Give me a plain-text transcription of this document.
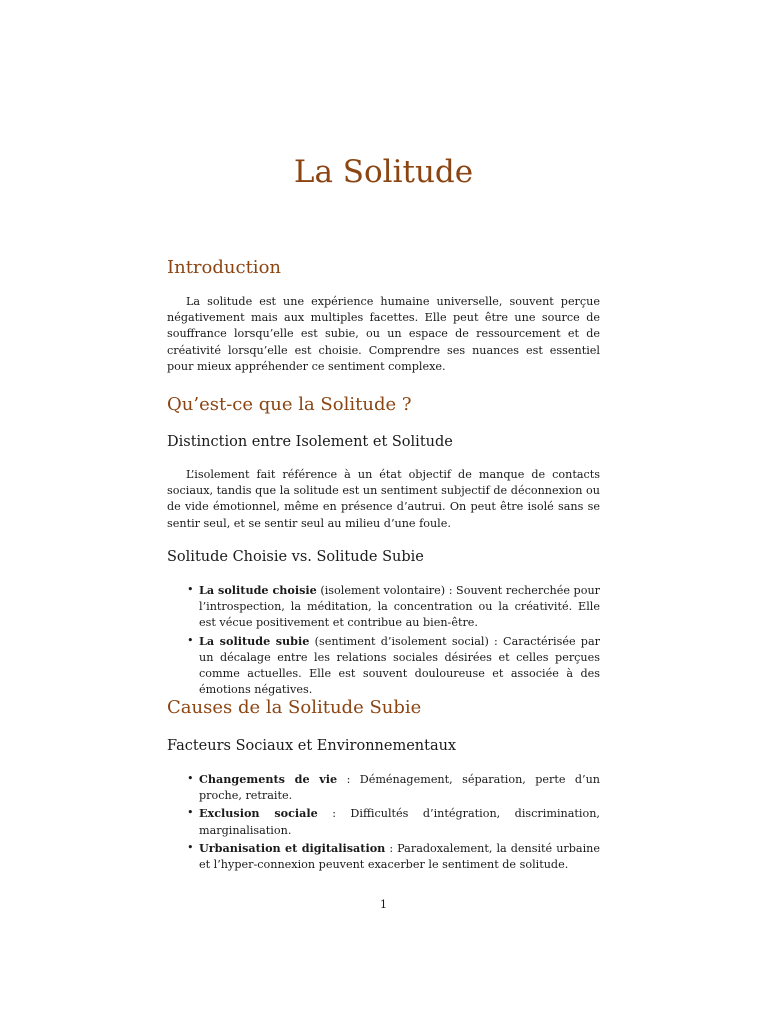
La Solitude
Introduction

La solitude est une expérience humaine universelle, souvent perçue négativement mais aux multiples facettes. Elle peut être une source de souffrance lorsqu’elle est subie, ou un espace de ressourcement et de créativité lorsqu’elle est choisie. Comprendre ses nuances est essentiel pour mieux appréhender ce sentiment complexe.

Qu’est-ce que la Solitude ?
Distinction entre Isolement et Solitude

L’isolement fait référence à un état objectif de manque de contacts sociaux, tandis que la solitude est un sentiment subjectif de déconnexion ou de vide émotionnel, même en présence d’autrui. On peut être isolé sans se sentir seul, et se sentir seul au milieu d’une foule.

Solitude Choisie vs. Solitude Subie
• La solitude choisie (isolement volontaire) : Souvent recherchée pour l’introspection, la méditation, la concentration ou la créativité. Elle est vécue positivement et contribue au bien-être.
• La solitude subie (sentiment d’isolement social) : Caractérisée par un décalage entre les relations sociales désirées et celles perçues comme actuelles. Elle est souvent douloureuse et associée à des émotions négatives.
Causes de la Solitude Subie
Facteurs Sociaux et Environnementaux
• Changements de vie : Déménagement, séparation, perte d’un proche, retraite.
• Exclusion sociale : Difficultés d’intégration, discrimination, marginalisation.
• Urbanisation et digitalisation : Paradoxalement, la densité urbaine et l’hyper-connexion peuvent exacerber le sentiment de solitude.
1
